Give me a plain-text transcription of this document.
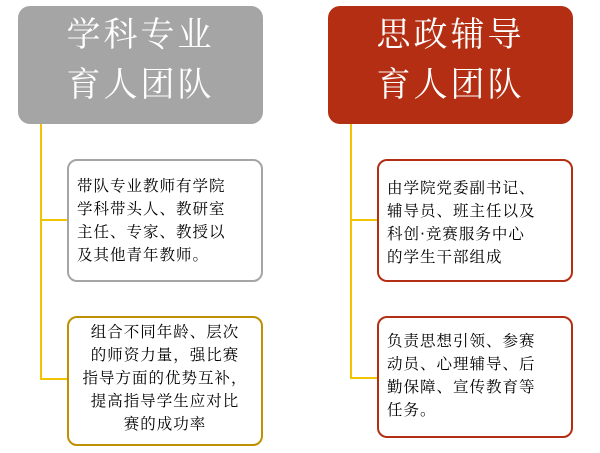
学科专业
育人团队
带队专业教师有学院
学科带头人、教研室
主任、专家、教授以
及其他青年教师。
组合不同年龄、层次
的师资力量，强比赛
指导方面的优势互补，
提高指导学生应对比
赛的成功率
思政辅导
育人团队
由学院党委副书记、
辅导员、班主任以及
科创·竞赛服务中心
的学生干部组成
负责思想引领、参赛
动员、心理辅导、后
勤保障、宣传教育等
任务。
